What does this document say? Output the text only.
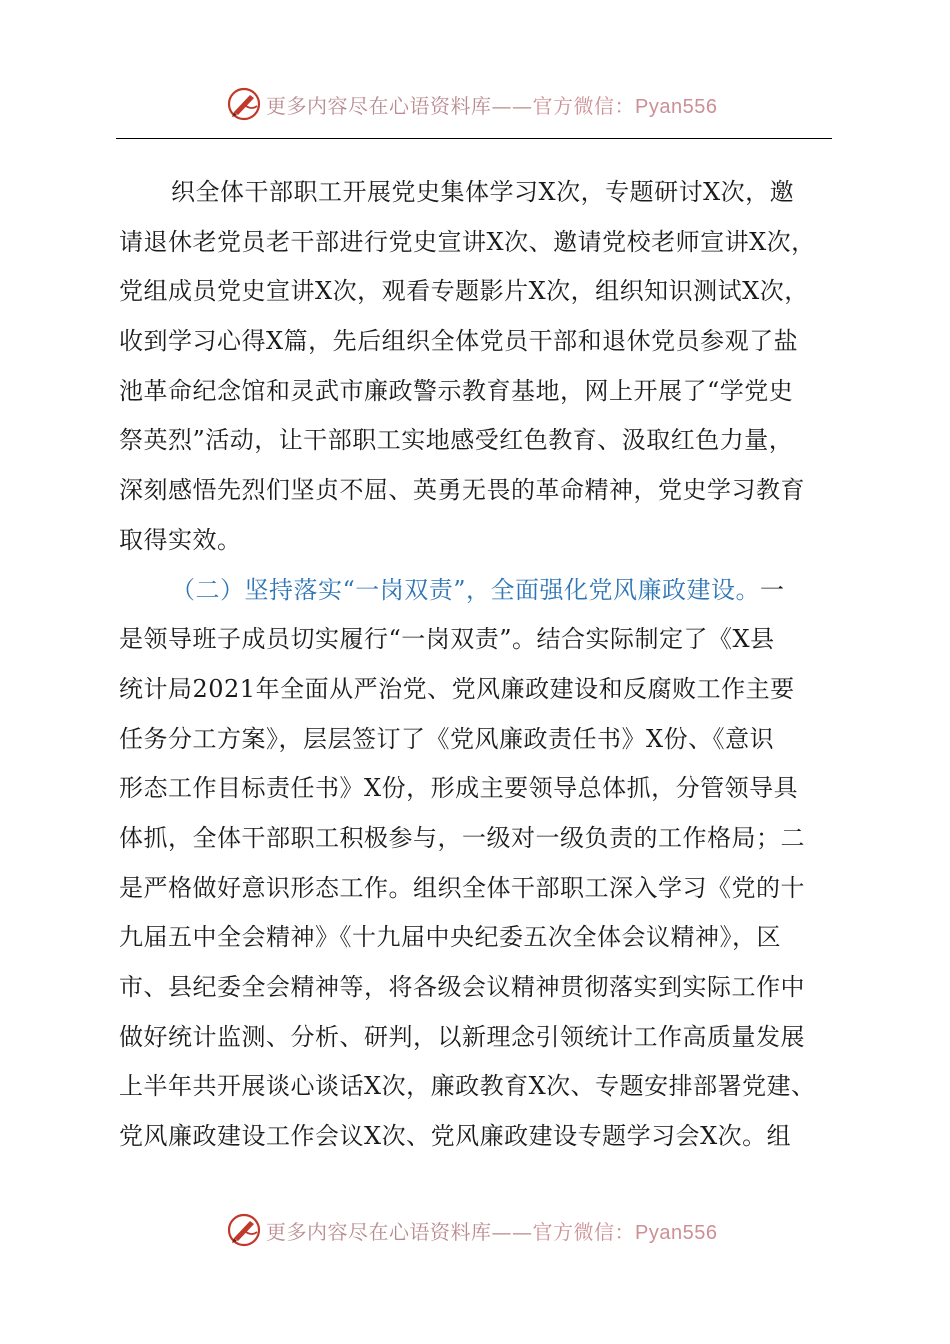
更多内容尽在心语资料库——官方微信：Pyan556
织全体干部职工开展党史集体学习X次，专题研讨X次，邀
请退休老党员老干部进行党史宣讲X次、邀请党校老师宣讲X次，
党组成员党史宣讲X次，观看专题影片X次，组织知识测试X次，
收到学习心得X篇，先后组织全体党员干部和退休党员参观了盐
池革命纪念馆和灵武市廉政警示教育基地，网上开展了“学党史
祭英烈”活动，让干部职工实地感受红色教育、汲取红色力量，
深刻感悟先烈们坚贞不屈、英勇无畏的革命精神，党史学习教育
取得实效。
（二）坚持落实“一岗双责”，全面强化党风廉政建设。一
是领导班子成员切实履行“一岗双责”。结合实际制定了《X县
统计局2021年全面从严治党、党风廉政建设和反腐败工作主要
任务分工方案》，层层签订了《党风廉政责任书》X份、《意识
形态工作目标责任书》X份，形成主要领导总体抓，分管领导具
体抓，全体干部职工积极参与，一级对一级负责的工作格局；二
是严格做好意识形态工作。组织全体干部职工深入学习《党的十
九届五中全会精神》《十九届中央纪委五次全体会议精神》，区
市、县纪委全会精神等，将各级会议精神贯彻落实到实际工作中
做好统计监测、分析、研判，以新理念引领统计工作高质量发展
上半年共开展谈心谈话X次，廉政教育X次、专题安排部署党建、
党风廉政建设工作会议X次、党风廉政建设专题学习会X次。组
更多内容尽在心语资料库——官方微信：Pyan556
